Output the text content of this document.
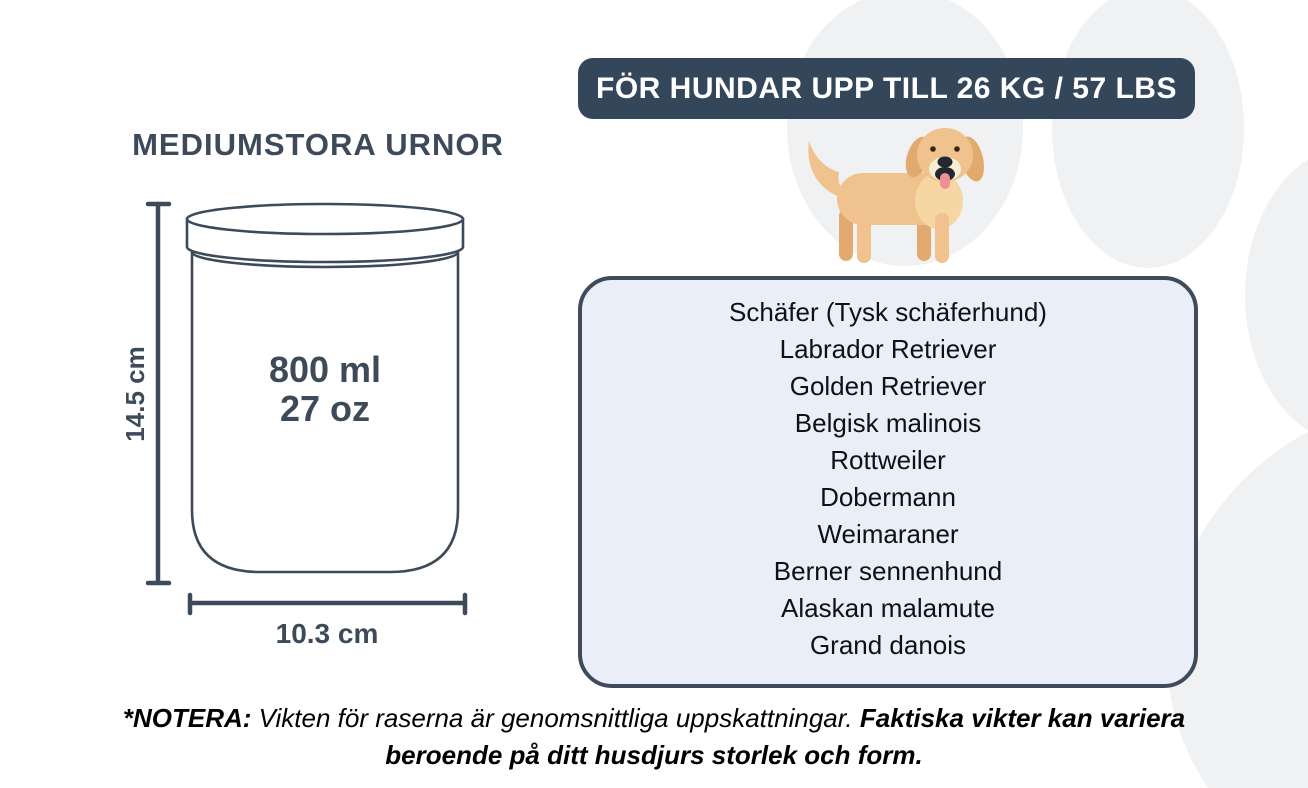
FÖR HUNDAR UPP TILL 26 KG / 57 LBS
MEDIUMSTORA URNOR
800 ml
27 oz
14.5 cm
10.3 cm
Schäfer (Tysk schäferhund)
Labrador Retriever
Golden Retriever
Belgisk malinois
Rottweiler
Dobermann
Weimaraner
Berner sennenhund
Alaskan malamute
Grand danois
*NOTERA: Vikten för raserna är genomsnittliga uppskattningar. Faktiska vikter kan variera
beroende på ditt husdjurs storlek och form.
